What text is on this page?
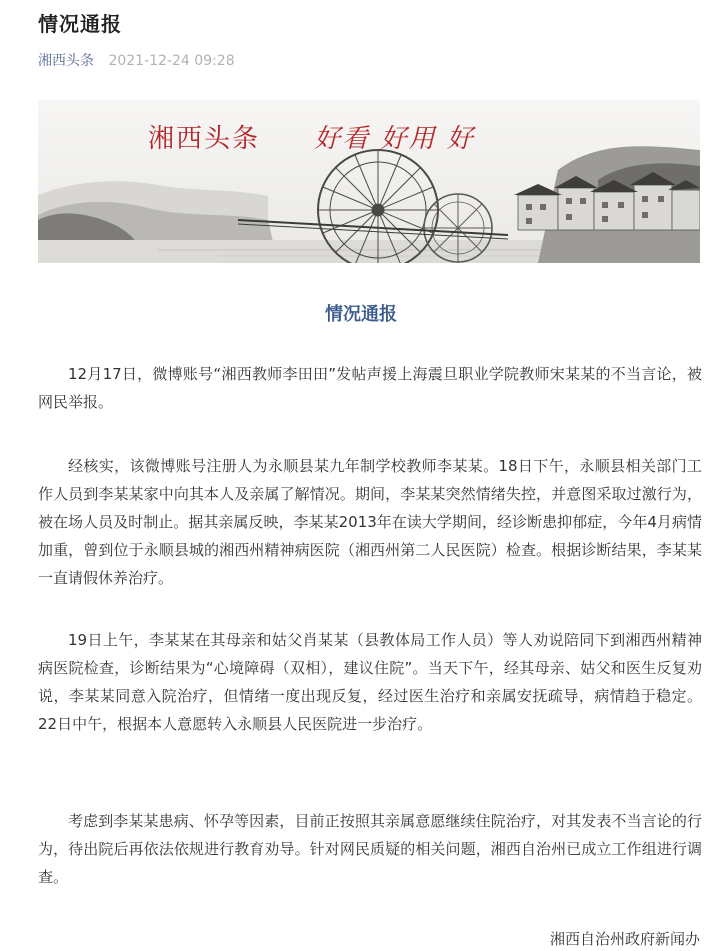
情况通报
湘西头条 2021-12-24 09:28
湘西头条 好看 好用 好
情况通报

12月17日，微博账号“湘西教师李田田”发帖声援上海震旦职业学院教师宋某某的不当言论，被网民举报。

经核实，该微博账号注册人为永顺县某九年制学校教师李某某。18日下午，永顺县相关部门工作人员到李某某家中向其本人及亲属了解情况。期间，李某某突然情绪失控，并意图采取过激行为，被在场人员及时制止。据其亲属反映，李某某2013年在读大学期间，经诊断患抑郁症，今年4月病情加重，曾到位于永顺县城的湘西州精神病医院（湘西州第二人民医院）检查。根据诊断结果，李某某一直请假休养治疗。

19日上午，李某某在其母亲和姑父肖某某（县教体局工作人员）等人劝说陪同下到湘西州精神病医院检查，诊断结果为“心境障碍（双相），建议住院”。当天下午，经其母亲、姑父和医生反复劝说，李某某同意入院治疗，但情绪一度出现反复，经过医生治疗和亲属安抚疏导，病情趋于稳定。22日中午，根据本人意愿转入永顺县人民医院进一步治疗。

考虑到李某某患病、怀孕等因素，目前正按照其亲属意愿继续住院治疗，对其发表不当言论的行为，待出院后再依法依规进行教育劝导。针对网民质疑的相关问题，湘西自治州已成立工作组进行调查。

湘西自治州政府新闻办
